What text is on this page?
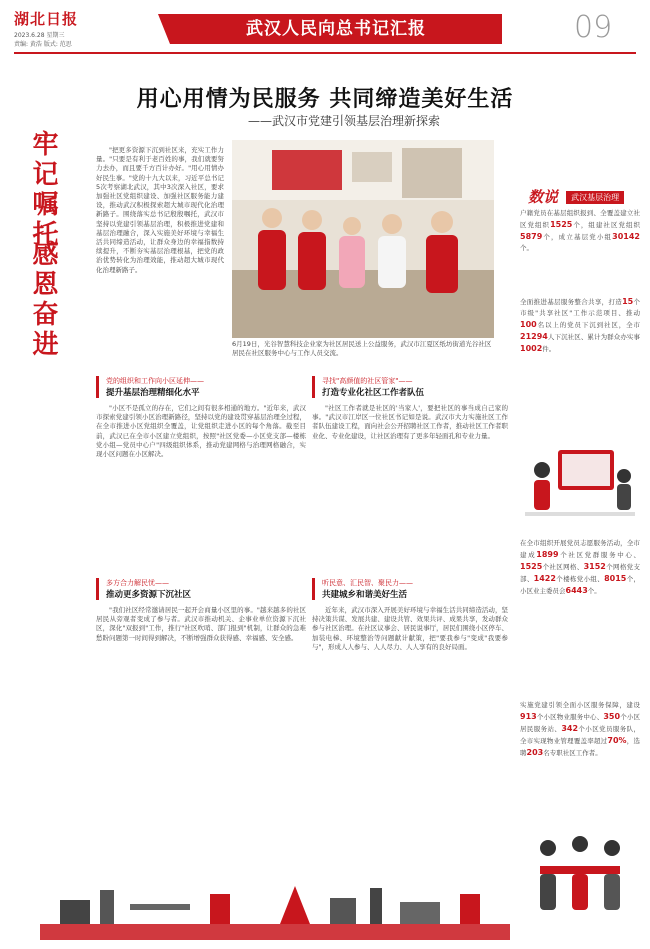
湖北日报
2023.6.28 星期三
责编: 黄浩 版式: 范思
武汉人民向总书记汇报	09
用心用情为民服务 共同缔造美好生活
——武汉市党建引领基层治理新探索
牢记嘱托
感恩奋进

"把更多资源下沉到社区来，充实工作力量。"只要是有利于老百姓的事，我们就要努力去办，而且要千方百计办好。"用心用情办好民生事。"党的十九大以来，习近平总书记5次考察湖北武汉，其中3次深入社区，要求加强社区党组织建设、加强社区服务能力建设，推动武汉积极探索超大城市现代化治理新路子。围绕落实总书记殷殷嘱托，武汉市坚持以党建引领基层治理，积极推进党建和基层治理融合，深入实施美好环境与幸福生活共同缔造活动，让群众身边的幸福指数持续提升，不断夯实基层治理根基，把党的政治优势转化为治理效能，推动超大城市现代化治理新路子。

6月19日，光谷智慧科技企业家为社区居民送上公益服务，武汉市江夏区纸坊街道光谷社区居民在社区服务中心与工作人员交流。
数说 武汉基层治理
户籍党员在基层组织报到、全覆盖建立社区党组织1525个，组建社区党组织5879个，成立基层党小组30142个。
全面推进基层服务整合共享，打造15个市级"共享社区"工作示范项目、推动100名以上的党员下沉到社区，全市21294人下沉社区、累计为群众办实事1002件。
在全市组织开展党员志愿服务活动，全市建成1899个社区党群服务中心、1525个社区网格、3152个网格党支部、1422个楼栋党小组、8015个，小区业主委员会6443个。
实施党建引领全面小区服务保障，建设913个小区物业服务中心、350个小区居民服务站、342个小区党员服务队，全市实现物业管理覆盖率超过70%，选聘203名专职社区工作者。
党的组织和工作向小区延伸——
提升基层治理精细化水平

"小区不是孤立的存在，它们之间有很多相通的地方。"近年来，武汉市探索党建引领小区治理新路径，坚持以党的建设贯穿基层治理全过程，在全市推进小区党组织全覆盖，让党组织走进小区的每个角落。截至目前，武汉已在全市小区建立党组织，按照"社区党委—小区党支部—楼栋党小组—党员中心户"四级组织体系，推动党建网格与治理网格融合，实现小区问题在小区解决。

寻找"高颜值的社区管家"——
打造专业化社区工作者队伍

"社区工作者就是社区的'当家人'，要把社区的事当成自己家的事。"武汉市江岸区一位社区书记如是说。武汉市大力实施社区工作者队伍建设工程，面向社会公开招聘社区工作者，推动社区工作者职业化、专业化建设，让社区治理有了更多年轻面孔和专业力量。

多方合力解民忧——
推动更多资源下沉社区

"我们社区经常邀请居民一起开会商量小区里的事。"越来越多的社区居民从旁观者变成了参与者。武汉市推动机关、企事业单位资源下沉社区，深化"双报到"工作，推行"社区吹哨、部门报到"机制，让群众的急难愁盼问题第一时间得到解决，不断增强群众获得感、幸福感、安全感。

听民意、汇民智、聚民力——
共建城乡和谐美好生活

近年来，武汉市深入开展美好环境与幸福生活共同缔造活动，坚持决策共谋、发展共建、建设共管、效果共评、成果共享，发动群众参与社区治理。在社区议事会、居民说事厅，居民们围绕小区停车、加装电梯、环境整治等问题献计献策，把"要我参与"变成"我要参与"，形成人人参与、人人尽力、人人享有的良好局面。
